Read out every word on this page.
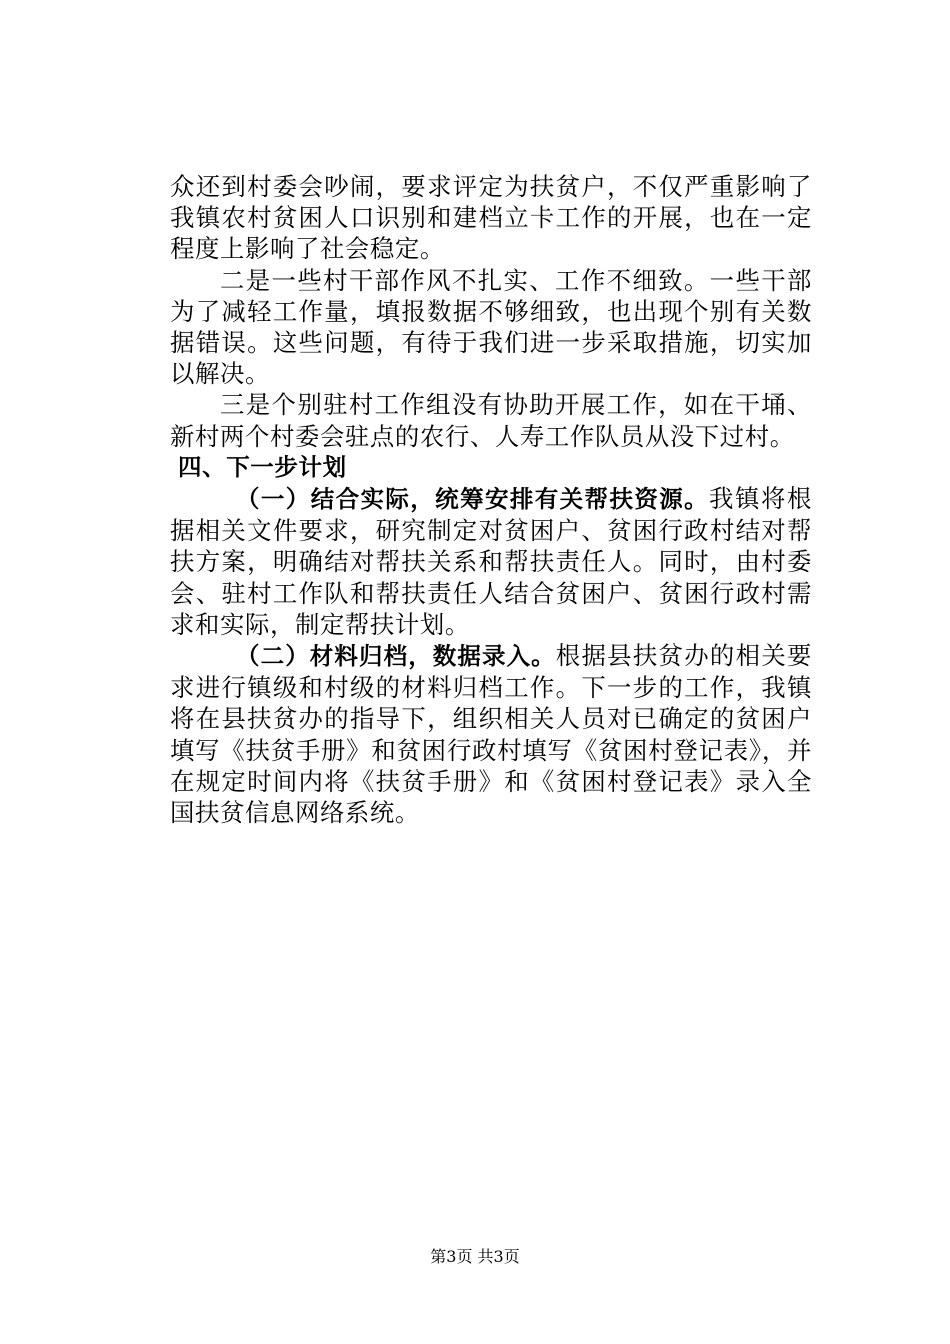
众还到村委会吵闹，要求评定为扶贫户，不仅严重影响了我镇农村贫困人口识别和建档立卡工作的开展，也在一定程度上影响了社会稳定。

二是一些村干部作风不扎实、工作不细致。一些干部为了减轻工作量，填报数据不够细致，也出现个别有关数据错误。这些问题，有待于我们进一步采取措施，切实加以解决。

三是个别驻村工作组没有协助开展工作，如在干埇、新村两个村委会驻点的农行、人寿工作队员从没下过村。

四、下一步计划

（一）结合实际，统筹安排有关帮扶资源。我镇将根据相关文件要求，研究制定对贫困户、贫困行政村结对帮扶方案，明确结对帮扶关系和帮扶责任人。同时，由村委会、驻村工作队和帮扶责任人结合贫困户、贫困行政村需求和实际，制定帮扶计划。

（二）材料归档，数据录入。根据县扶贫办的相关要求进行镇级和村级的材料归档工作。下一步的工作，我镇将在县扶贫办的指导下，组织相关人员对已确定的贫困户填写《扶贫手册》和贫困行政村填写《贫困村登记表》，并在规定时间内将《扶贫手册》和《贫困村登记表》录入全国扶贫信息网络系统。

第3页 共3页
